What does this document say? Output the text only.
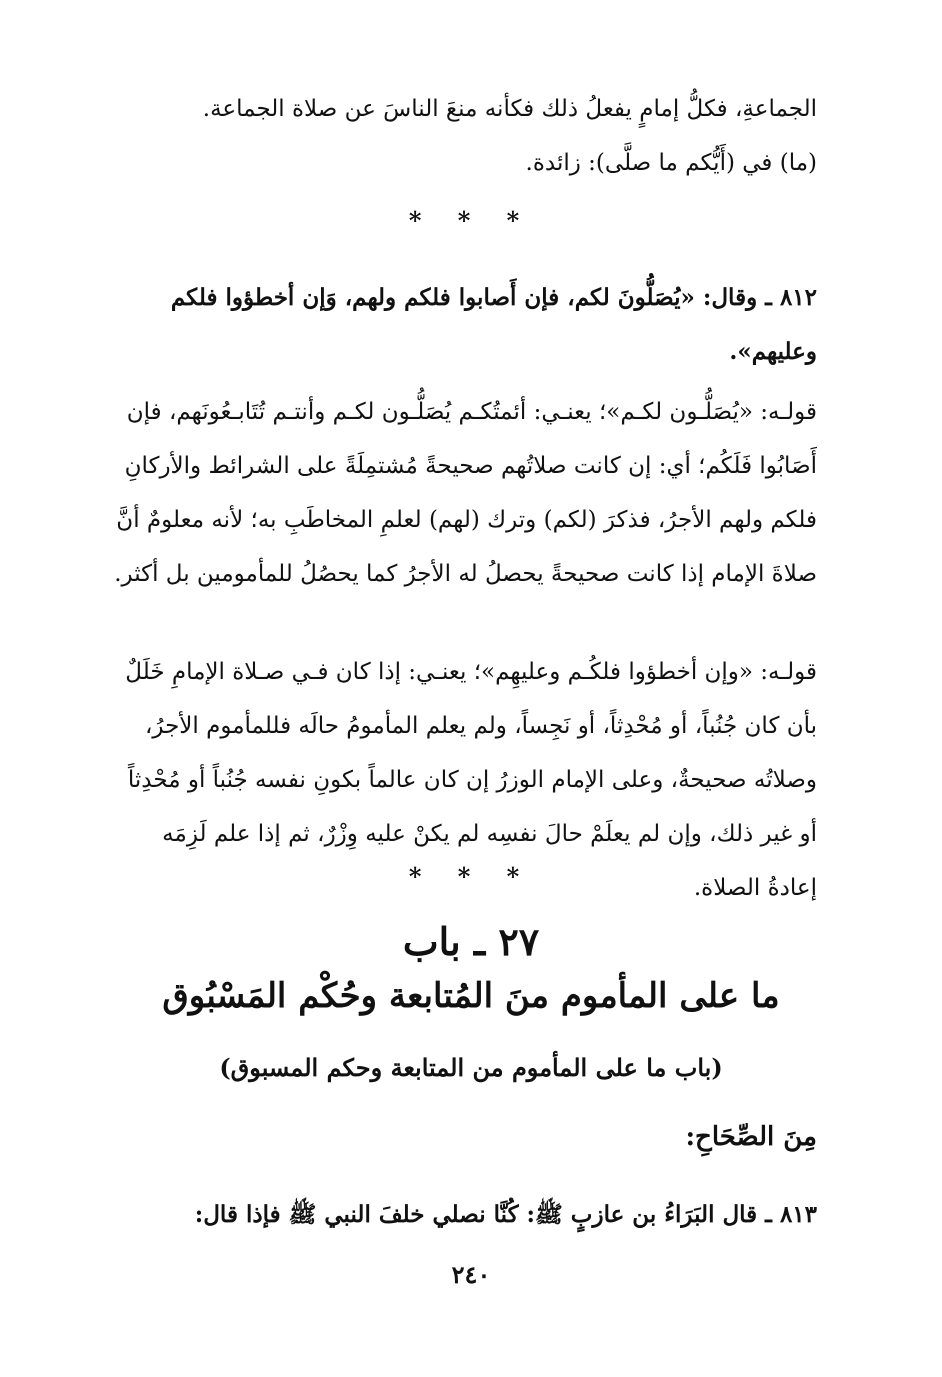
الجماعةِ، فكلُّ إمامٍ يفعلُ ذلك فكأنه منعَ الناسَ عن صلاة الجماعة.

(ما) في (أَيُّكم ما صلَّى): زائدة.

* * *

٨١٢ ـ وقال: «يُصَلُّونَ لكم، فإن أَصابوا فلكم ولهم، وَإن أخطؤوا فلكم وعليهم».

قولـه: «يُصَلُّـون لكـم»؛ يعنـي: أئمتُكـم يُصَلُّـون لكـم وأنتـم تُتَابـعُونَهم، فإن أَصَابُوا فَلَكُم؛ أي: إن كانت صلاتُهم صحيحةً مُشتمِلَةً على الشرائط والأركانِ فلكم ولهم الأجرُ، فذكرَ (لكم) وترك (لهم) لعلمِ المخاطَبِ به؛ لأنه معلومٌ أنَّ صلاةَ الإمام إذا كانت صحيحةً يحصلُ له الأجرُ كما يحصُلُ للمأمومين بل أكثر.

قولـه: «وإن أخطؤوا فلكُـم وعليهِم»؛ يعنـي: إذا كان فـي صـلاة الإمامِ خَلَلٌ بأن كان جُنُباً، أو مُحْدِثاً، أو نَجِساً، ولم يعلم المأمومُ حالَه فللمأموم الأجرُ، وصلاتُه صحيحةٌ، وعلى الإمام الوزرُ إن كان عالماً بكونِ نفسه جُنُباً أو مُحْدِثاً أو غير ذلك، وإن لم يعلَمْ حالَ نفسِه لم يكنْ عليه وِزْرٌ، ثم إذا علم لَزِمَه إعادةُ الصلاة.

* * *
٢٧ ـ باب
ما على المأموم منَ المُتابعة وحُكْم المَسْبُوق
(باب ما على المأموم من المتابعة وحكم المسبوق)
مِنَ الصِّحَاحِ:

٨١٣ ـ قال البَرَاءُ بن عازبٍ ﷺ: كُنَّا نصلي خلفَ النبي ﷺ فإذا قال:

٢٤٠
